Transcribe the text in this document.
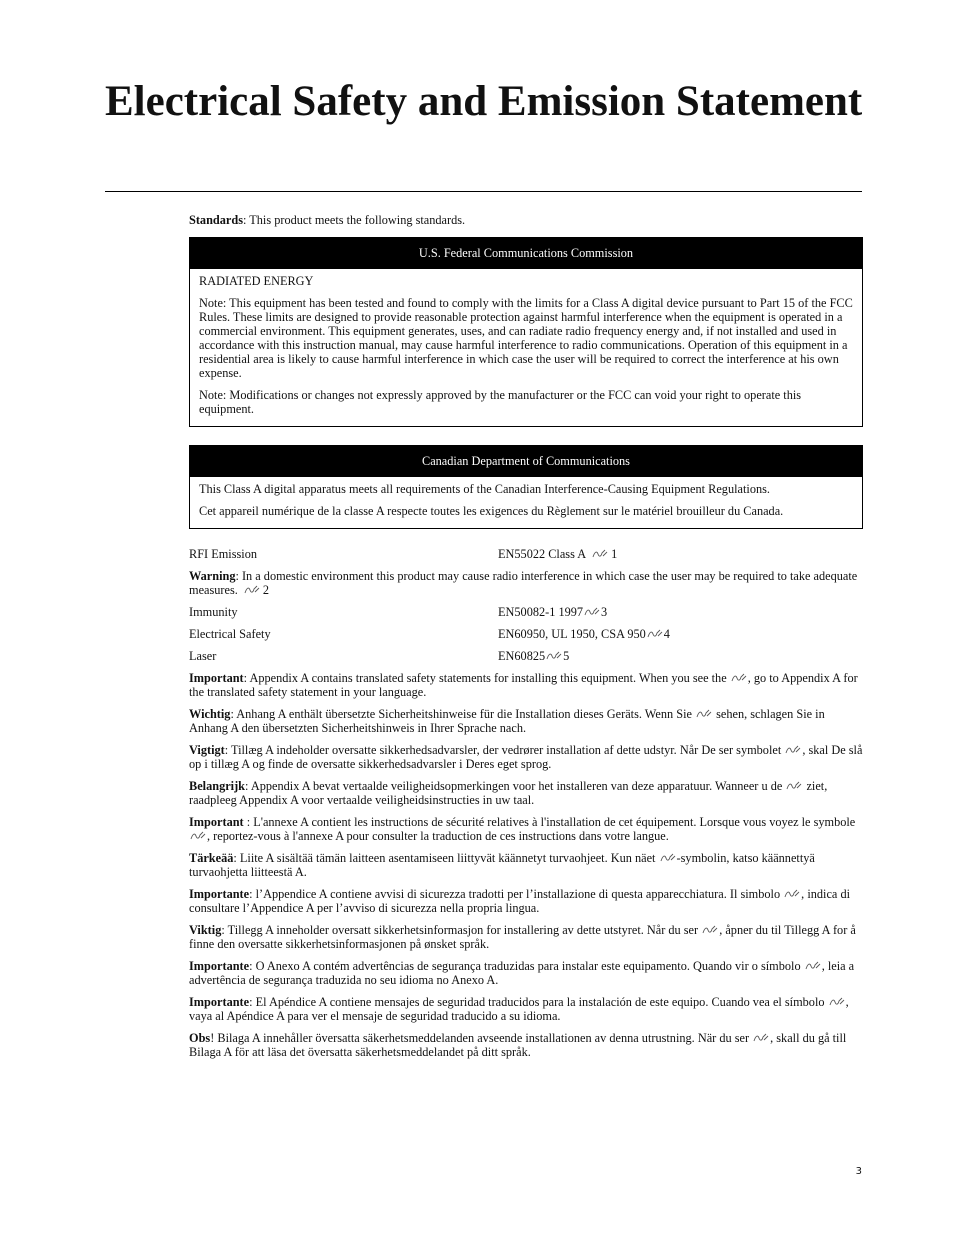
Electrical Safety and Emission Statement

Standards: This product meets the following standards.

U.S. Federal Communications Commission

RADIATED ENERGY

Note: This equipment has been tested and found to comply with the limits for a Class A digital device pursuant to Part 15 of the FCC Rules. These limits are designed to provide reasonable protection against harmful interference when the equipment is operated in a commercial environment. This equipment generates, uses, and can radiate radio frequency energy and, if not installed and used in accordance with this instruction manual, may cause harmful interference to radio communications. Operation of this equipment in a residential area is likely to cause harmful interference in which case the user will be required to correct the interference at his own expense.

Note: Modifications or changes not expressly approved by the manufacturer or the FCC can void your right to operate this equipment.

Canadian Department of Communications

This Class A digital apparatus meets all requirements of the Canadian Interference-Causing Equipment Regulations.

Cet appareil numérique de la classe A respecte toutes les exigences du Règlement sur le matériel brouilleur du Canada.

RFI Emission	EN55022 Class A 1

Warning: In a domestic environment this product may cause radio interference in which case the user may be required to take adequate measures. 2

Immunity	EN50082-1 1997 3
Electrical Safety	EN60950, UL 1950, CSA 950 4
Laser	EN60825 5

Important: Appendix A contains translated safety statements for installing this equipment. When you see the , go to Appendix A for the translated safety statement in your language.

Wichtig: Anhang A enthält übersetzte Sicherheitshinweise für die Installation dieses Geräts. Wenn Sie  sehen, schlagen Sie in Anhang A den übersetzten Sicherheitshinweis in Ihrer Sprache nach.

Vigtigt: Tillæg A indeholder oversatte sikkerhedsadvarsler, der vedrører installation af dette udstyr. Når De ser symbolet , skal De slå op i tillæg A og finde de oversatte sikkerhedsadvarsler i Deres eget sprog.

Belangrijk: Appendix A bevat vertaalde veiligheidsopmerkingen voor het installeren van deze apparatuur. Wanneer u de  ziet, raadpleeg Appendix A voor vertaalde veiligheidsinstructies in uw taal.

Important : L'annexe A contient les instructions de sécurité relatives à l'installation de cet équipement. Lorsque vous voyez le symbole , reportez-vous à l'annexe A pour consulter la traduction de ces instructions dans votre langue.

Tärkeää: Liite A sisältää tämän laitteen asentamiseen liittyvät käännetyt turvaohjeet. Kun näet -symbolin, katso käännettyä turvaohjetta liitteestä A.

Importante: l’Appendice A contiene avvisi di sicurezza tradotti per l’installazione di questa apparecchiatura. Il simbolo , indica di consultare l’Appendice A per l’avviso di sicurezza nella propria lingua.

Viktig: Tillegg A inneholder oversatt sikkerhetsinformasjon for installering av dette utstyret. Når du ser , åpner du til Tillegg A for å finne den oversatte sikkerhetsinformasjonen på ønsket språk.

Importante: O Anexo A contém advertências de segurança traduzidas para instalar este equipamento. Quando vir o símbolo , leia a advertência de segurança traduzida no seu idioma no Anexo A.

Importante: El Apéndice A contiene mensajes de seguridad traducidos para la instalación de este equipo. Cuando vea el símbolo , vaya al Apéndice A para ver el mensaje de seguridad traducido a su idioma.

Obs! Bilaga A innehåller översatta säkerhetsmeddelanden avseende installationen av denna utrustning. När du ser , skall du gå till Bilaga A för att läsa det översatta säkerhetsmeddelandet på ditt språk.

3
